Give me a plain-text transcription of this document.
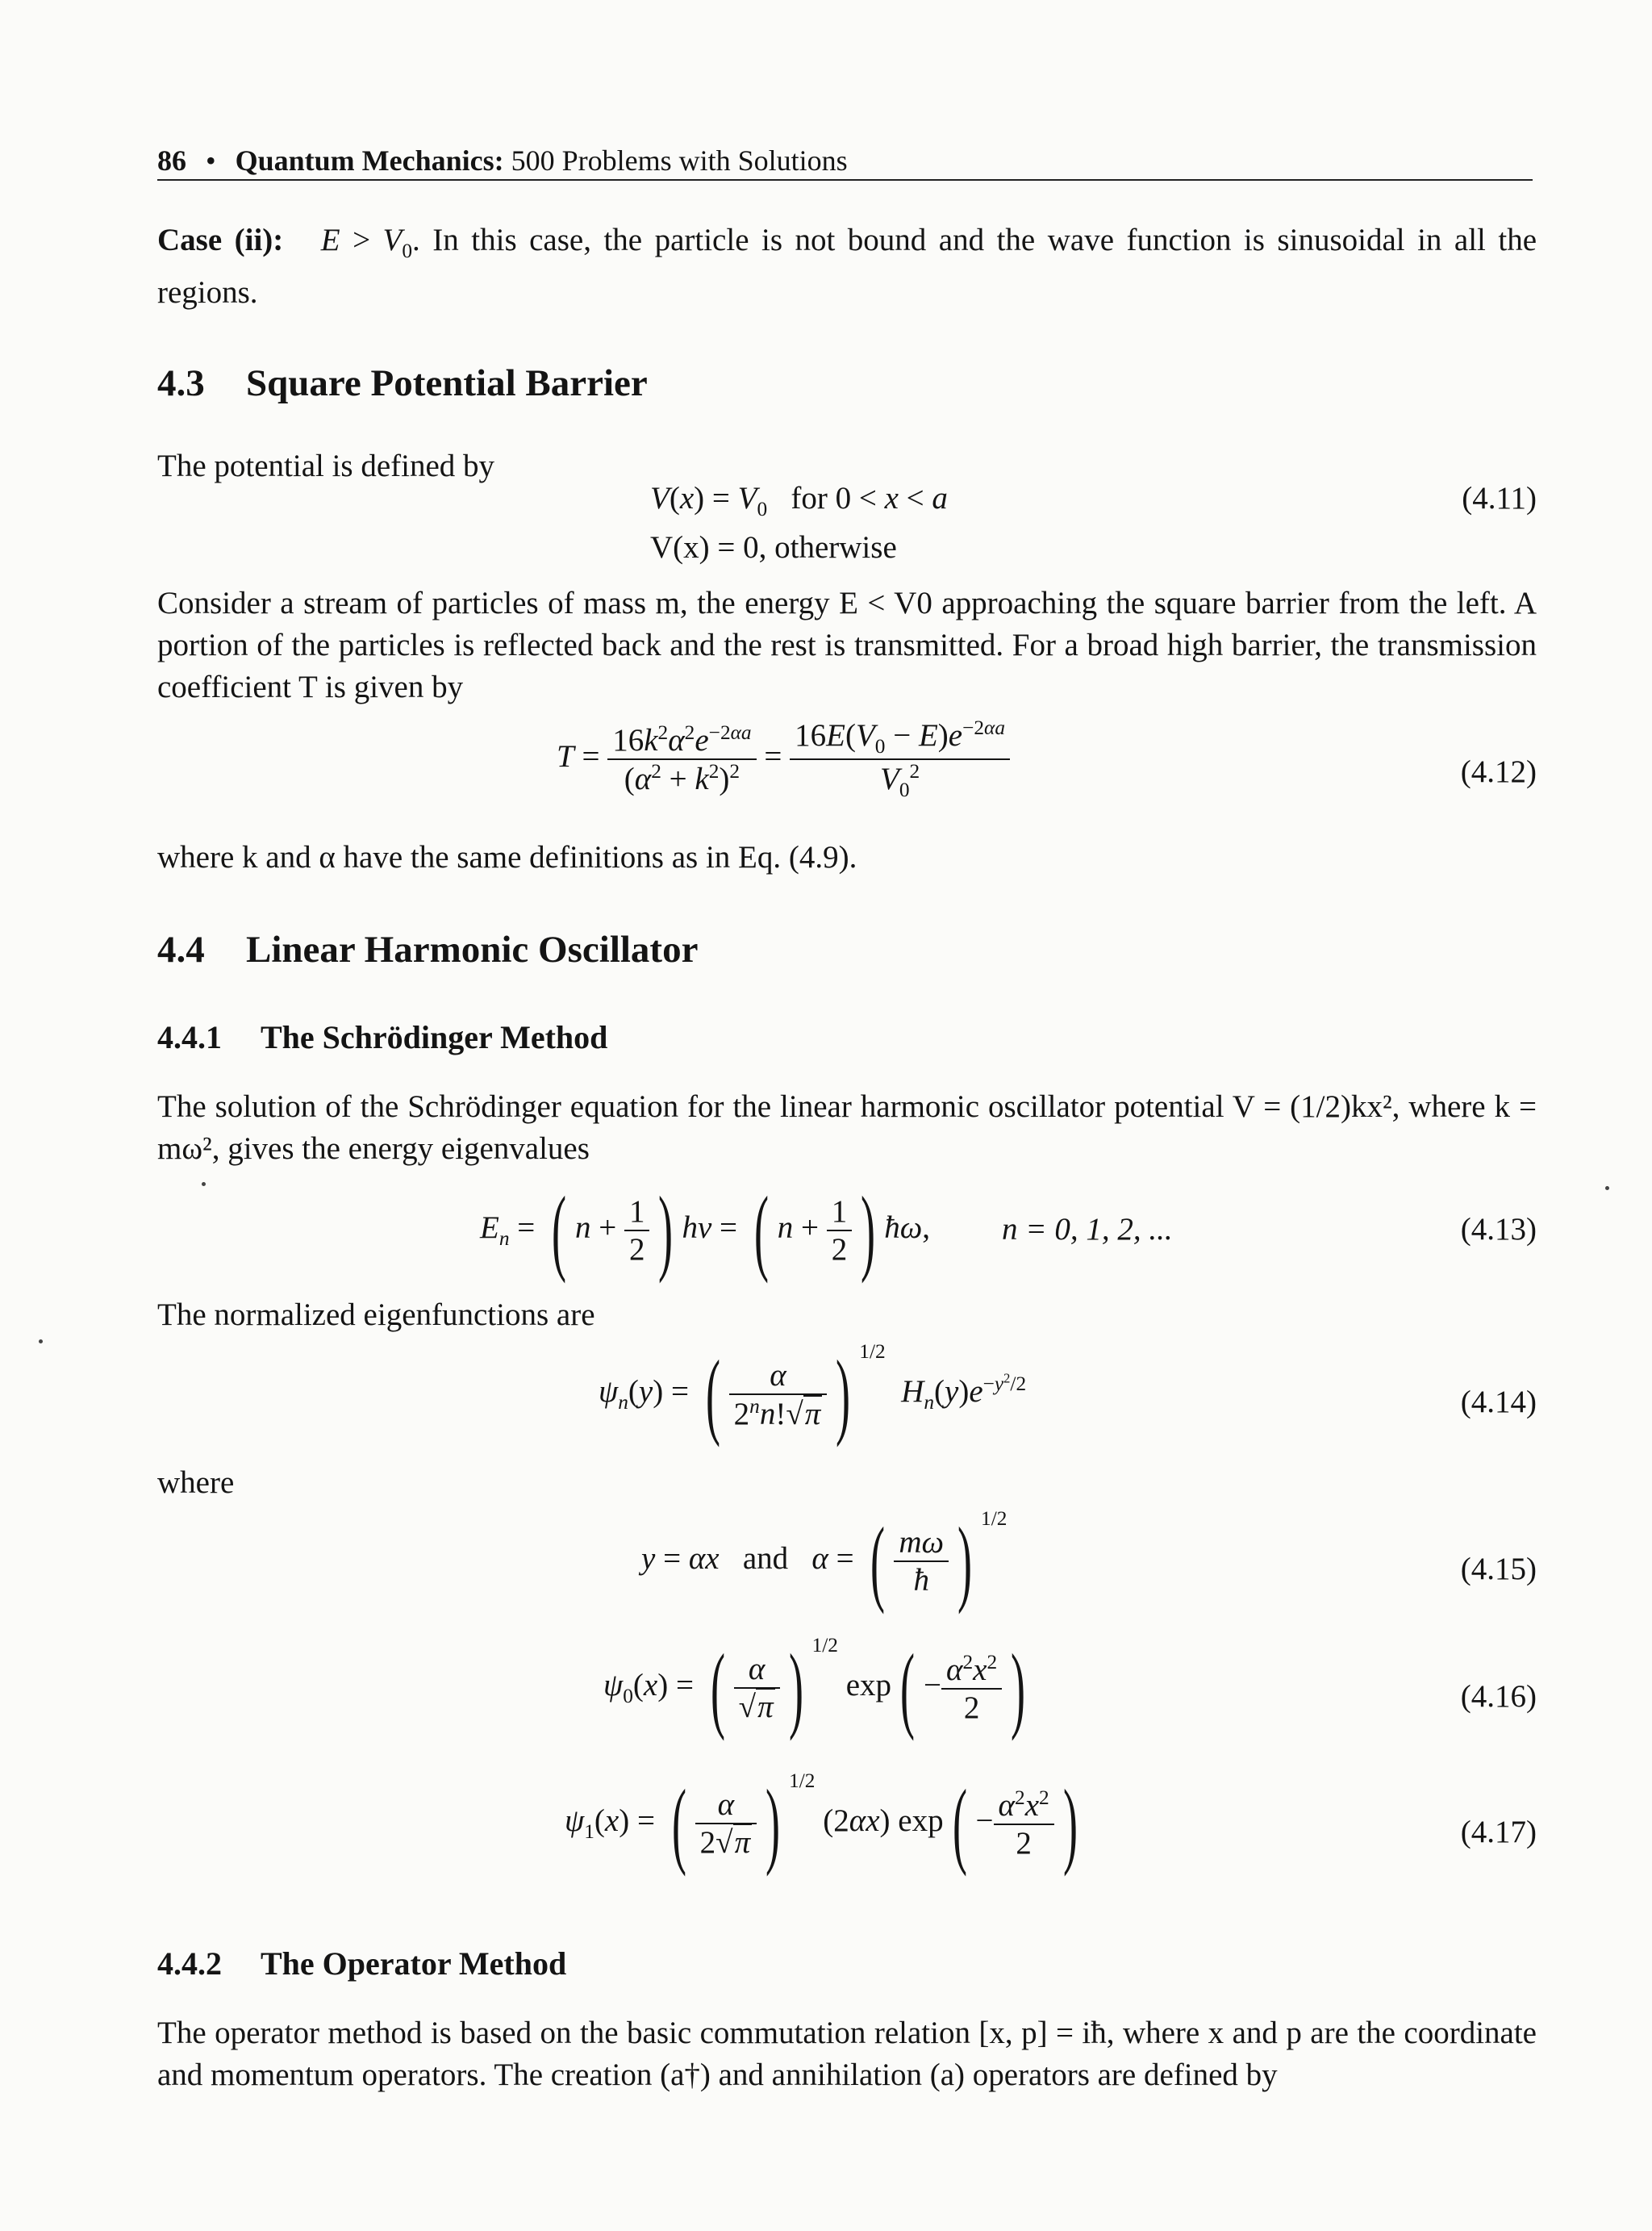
86 • Quantum Mechanics: 500 Problems with Solutions
Case (ii): $E > V_0$. In this case, the particle is not bound and the wave function is sinusoidal in all the regions.
4.3 Square Potential Barrier
The potential is defined by
$V(x) = V_0$   for 0 < x < a	(4.11)
V(x) = 0, otherwise
Consider a stream of particles of mass m, the energy E < V0 approaching the square barrier from the left. A portion of the particles is reflected back and the rest is transmitted. For a broad high barrier, the transmission coefficient T is given by
$T = \frac{16k^2\alpha^2e^{-2\alpha a}}{(\alpha^2 + k^2)^2} = \frac{16E(V_0 - E)e^{-2\alpha a}}{V_0^2}$	(4.12)
where k and α have the same definitions as in Eq. (4.9).
4.4 Linear Harmonic Oscillator
4.4.1 The Schrödinger Method
The solution of the Schrödinger equation for the linear harmonic oscillator potential V = (1/2)kx², where k = mω², gives the energy eigenvalues
$E_n$ = ( $n + \frac{1}{2}$ ) hν = ( $n + \frac{1}{2}$ ) ħω, n = 0, 1, 2, ...	(4.13)
The normalized eigenfunctions are
$\psi_n(y)$ = ( $\frac{\alpha}{2^nn!√\pi}$ ) $^{1/2}$  $H_n(y)e^{-y^2/2}$
(4.14)
where
y = αx and α = ( $\frac{m\omega}{ħ}$ ) $^{1/2}$
(4.15)
$\psi_0(x)$ = ( $\frac{\alpha}{√\pi}$ ) $^{1/2}$ $\exp( - \frac{\alpha^2x^2}{2}$ )	(4.16)
$\psi_1(x)$ = ( $\frac{\alpha}{2√\pi}$ ) $^{1/2}$ (2αx) $\exp( - \frac{\alpha^2x^2}{2}$ )	(4.17)
4.4.2 The Operator Method
The operator method is based on the basic commutation relation [x, p] = iħ, where x and p are the coordinate and momentum operators. The creation (a†) and annihilation (a) operators are defined by
